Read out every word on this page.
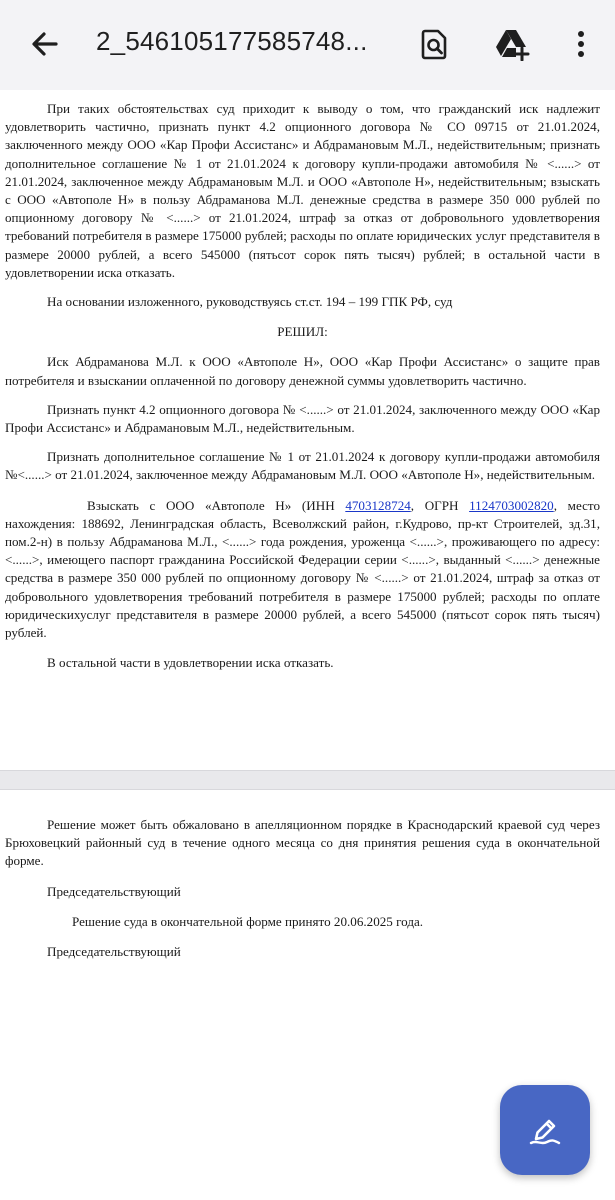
2_546105177585748...

При таких обстоятельствах суд приходит к выводу о том, что гражданский иск надлежит удовлетворить частично, признать пункт 4.2 опционного договора № СО 09715 от 21.01.2024, заключенного между ООО «Кар Профи Ассистанс» и Абдрамановым М.Л., недействительным; признать дополнительное соглашение № 1 от 21.01.2024 к договору купли-продажи автомобиля № <......> от 21.01.2024, заключенное между Абдрамановым М.Л. и ООО «Автополе Н», недействительным; взыскать с ООО «Автополе Н» в пользу Абдраманова М.Л. денежные средства в размере 350 000 рублей по опционному договору № <......> от 21.01.2024, штраф за отказ от добровольного удовлетворения требований потребителя в размере 175000 рублей; расходы по оплате юридических услуг представителя в размере 20000 рублей, а всего 545000 (пятьсот сорок пять тысяч) рублей; в остальной части в удовлетворении иска отказать.

На основании изложенного, руководствуясь ст.ст. 194 – 199 ГПК РФ, суд

РЕШИЛ:

Иск Абдраманова М.Л. к ООО «Автополе Н», ООО «Кар Профи Ассистанс» о защите прав потребителя и взыскании оплаченной по договору денежной суммы удовлетворить частично.

Признать пункт 4.2 опционного договора № <......> от 21.01.2024, заключенного между ООО «Кар Профи Ассистанс» и Абдрамановым М.Л., недействительным.

Признать дополнительное соглашение № 1 от 21.01.2024 к договору купли-продажи автомобиля №<......> от 21.01.2024, заключенное между Абдрамановым М.Л. ООО «Автополе Н», недействительным.

Взыскать с ООО «Автополе Н» (ИНН 4703128724, ОГРН 1124703002820, место нахождения: 188692, Ленинградская область, Всеволжский район, г.Кудрово, пр-кт Строителей, зд.31, пом.2-н) в пользу Абдраманова М.Л., <......> года рождения, уроженца <......>, проживающего по адресу: <......>, имеющего паспорт гражданина Российской Федерации серии <......>, выданный <......> денежные средства в размере 350 000 рублей по опционному договору № <......> от 21.01.2024, штраф за отказ от добровольного удовлетворения требований потребителя в размере 175000 рублей; расходы по оплате юридическихуслуг представителя в размере 20000 рублей, а всего 545000 (пятьсот сорок пять тысяч) рублей.

В остальной части в удовлетворении иска отказать.

Решение может быть обжаловано в апелляционном порядке в Краснодарский краевой суд через Брюховецкий районный суд в течение одного месяца со дня принятия решения суда в окончательной форме.

Председательствующий

Решение суда в окончательной форме принято 20.06.2025 года.

Председательствующий
